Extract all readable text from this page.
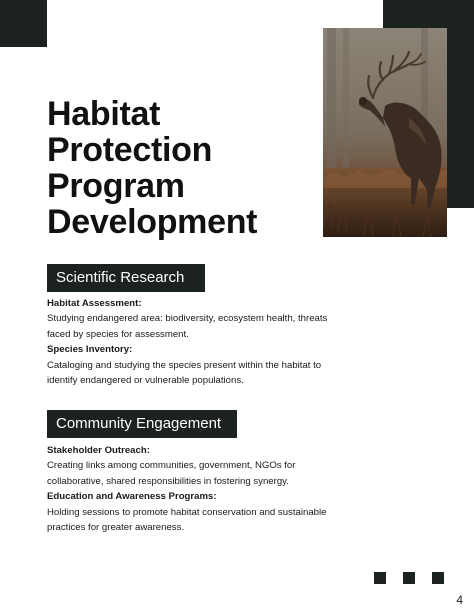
Habitat
Protection
Program
Development
Scientific Research
Habitat Assessment:
Studying endangered area: biodiversity, ecosystem health, threats
faced by species for assessment.
Species Inventory:
Cataloging and studying the species present within the habitat to
identify endangered or vulnerable populations.
Community Engagement
Stakeholder Outreach:
Creating links among communities, government, NGOs for
collaborative, shared responsibilities in fostering synergy.
Education and Awareness Programs:
Holding sessions to promote habitat conservation and sustainable
practices for greater awareness.
4
